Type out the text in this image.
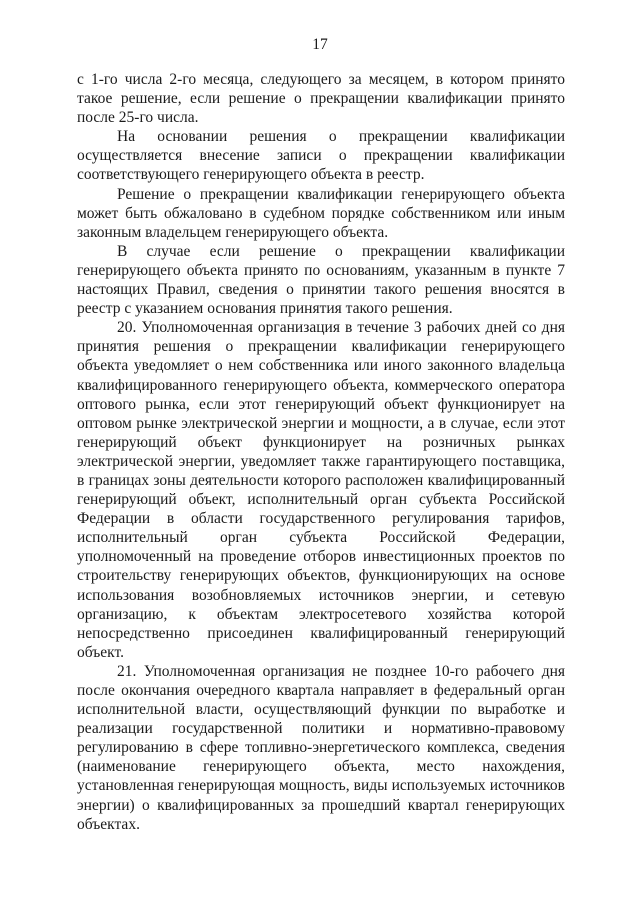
17

с 1-го числа 2-го месяца, следующего за месяцем, в котором принято такое решение, если решение о прекращении квалификации принято после 25-го числа.

На основании решения о прекращении квалификации осуществляется внесение записи о прекращении квалификации соответствующего генерирующего объекта в реестр.

Решение о прекращении квалификации генерирующего объекта может быть обжаловано в судебном порядке собственником или иным законным владельцем генерирующего объекта.

В случае если решение о прекращении квалификации генерирующего объекта принято по основаниям, указанным в пункте 7 настоящих Правил, сведения о принятии такого решения вносятся в реестр с указанием основания принятия такого решения.

20. Уполномоченная организация в течение 3 рабочих дней со дня принятия решения о прекращении квалификации генерирующего объекта уведомляет о нем собственника или иного законного владельца квалифицированного генерирующего объекта, коммерческого оператора оптового рынка, если этот генерирующий объект функционирует на оптовом рынке электрической энергии и мощности, а в случае, если этот генерирующий объект функционирует на розничных рынках электрической энергии, уведомляет также гарантирующего поставщика, в границах зоны деятельности которого расположен квалифицированный генерирующий объект, исполнительный орган субъекта Российской Федерации в области государственного регулирования тарифов, исполнительный орган субъекта Российской Федерации, уполномоченный на проведение отборов инвестиционных проектов по строительству генерирующих объектов, функционирующих на основе использования возобновляемых источников энергии, и сетевую организацию, к объектам электросетевого хозяйства которой непосредственно присоединен квалифицированный генерирующий объект.

21. Уполномоченная организация не позднее 10-го рабочего дня после окончания очередного квартала направляет в федеральный орган исполнительной власти, осуществляющий функции по выработке и реализации государственной политики и нормативно-правовому регулированию в сфере топливно-энергетического комплекса, сведения (наименование генерирующего объекта, место нахождения, установленная генерирующая мощность, виды используемых источников энергии) о квалифицированных за прошедший квартал генерирующих объектах.
